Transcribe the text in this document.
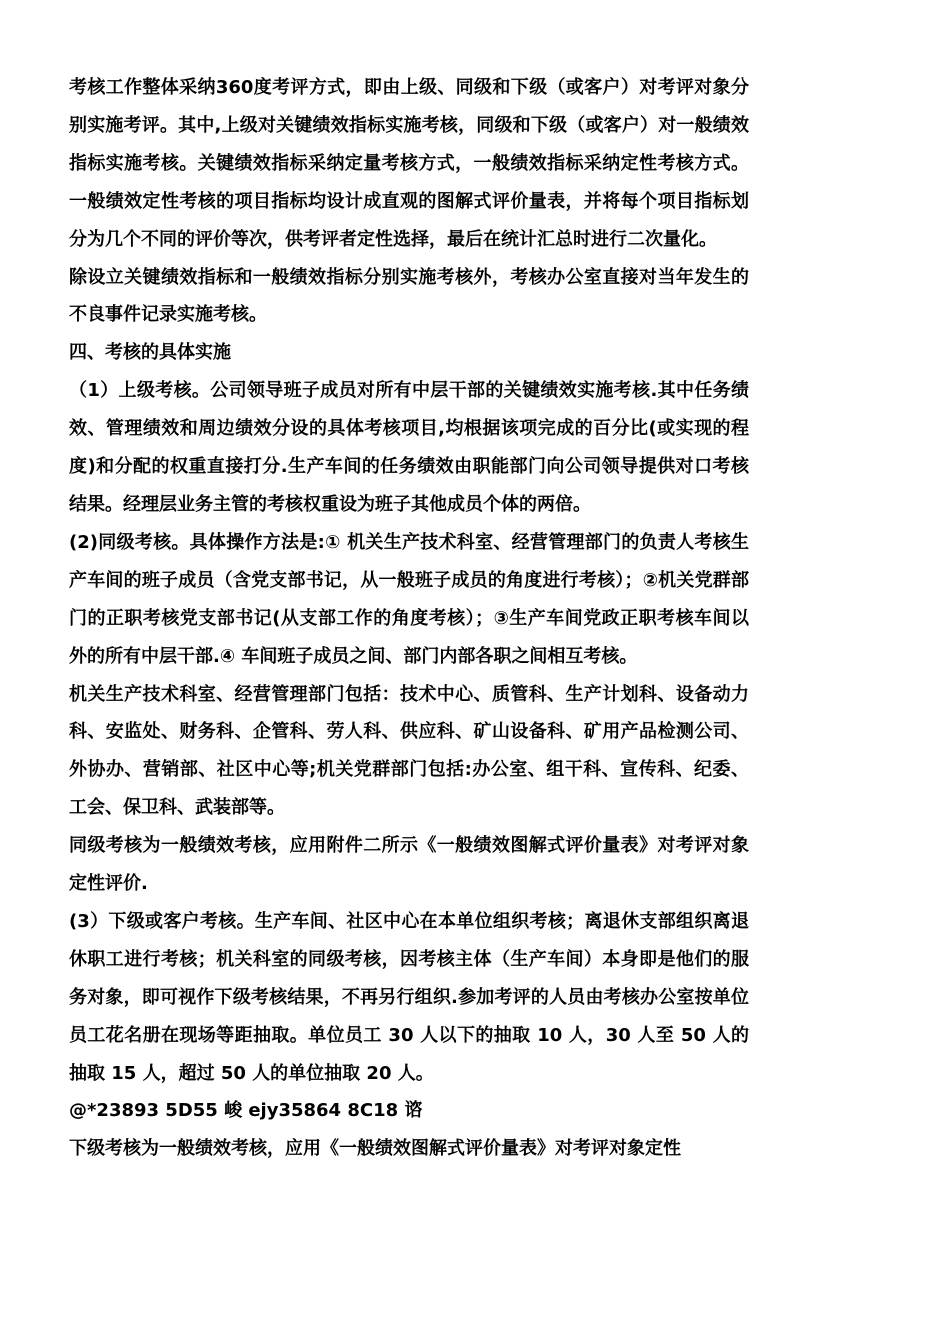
考核工作整体采纳360度考评方式，即由上级、同级和下级（或客户）对考评对象分别实施考评。其中,上级对关键绩效指标实施考核，同级和下级（或客户）对一般绩效指标实施考核。关键绩效指标采纳定量考核方式，一般绩效指标采纳定性考核方式。一般绩效定性考核的项目指标均设计成直观的图解式评价量表，并将每个项目指标划分为几个不同的评价等次，供考评者定性选择，最后在统计汇总时进行二次量化。

除设立关键绩效指标和一般绩效指标分别实施考核外，考核办公室直接对当年发生的不良事件记录实施考核。

四、考核的具体实施

（1）上级考核。公司领导班子成员对所有中层干部的关键绩效实施考核.其中任务绩效、管理绩效和周边绩效分设的具体考核项目,均根据该项完成的百分比(或实现的程度)和分配的权重直接打分.生产车间的任务绩效由职能部门向公司领导提供对口考核结果。经理层业务主管的考核权重设为班子其他成员个体的两倍。

(2)同级考核。具体操作方法是:① 机关生产技术科室、经营管理部门的负责人考核生产车间的班子成员（含党支部书记，从一般班子成员的角度进行考核）；②机关党群部门的正职考核党支部书记(从支部工作的角度考核）；③生产车间党政正职考核车间以外的所有中层干部.④ 车间班子成员之间、部门内部各职之间相互考核。

机关生产技术科室、经营管理部门包括：技术中心、质管科、生产计划科、设备动力科、安监处、财务科、企管科、劳人科、供应科、矿山设备科、矿用产品检测公司、外协办、营销部、社区中心等;机关党群部门包括:办公室、组干科、宣传科、纪委、工会、保卫科、武装部等。

同级考核为一般绩效考核，应用附件二所示《一般绩效图解式评价量表》对考评对象定性评价.

(3）下级或客户考核。生产车间、社区中心在本单位组织考核；离退休支部组织离退休职工进行考核；机关科室的同级考核，因考核主体（生产车间）本身即是他们的服务对象，即可视作下级考核结果，不再另行组织.参加考评的人员由考核办公室按单位员工花名册在现场等距抽取。单位员工 30 人以下的抽取 10 人，30 人至 50 人的抽取 15 人，超过 50 人的单位抽取 20 人。

@*23893 5D55 峻 ejy35864 8C18 谘

下级考核为一般绩效考核，应用《一般绩效图解式评价量表》对考评对象定性
